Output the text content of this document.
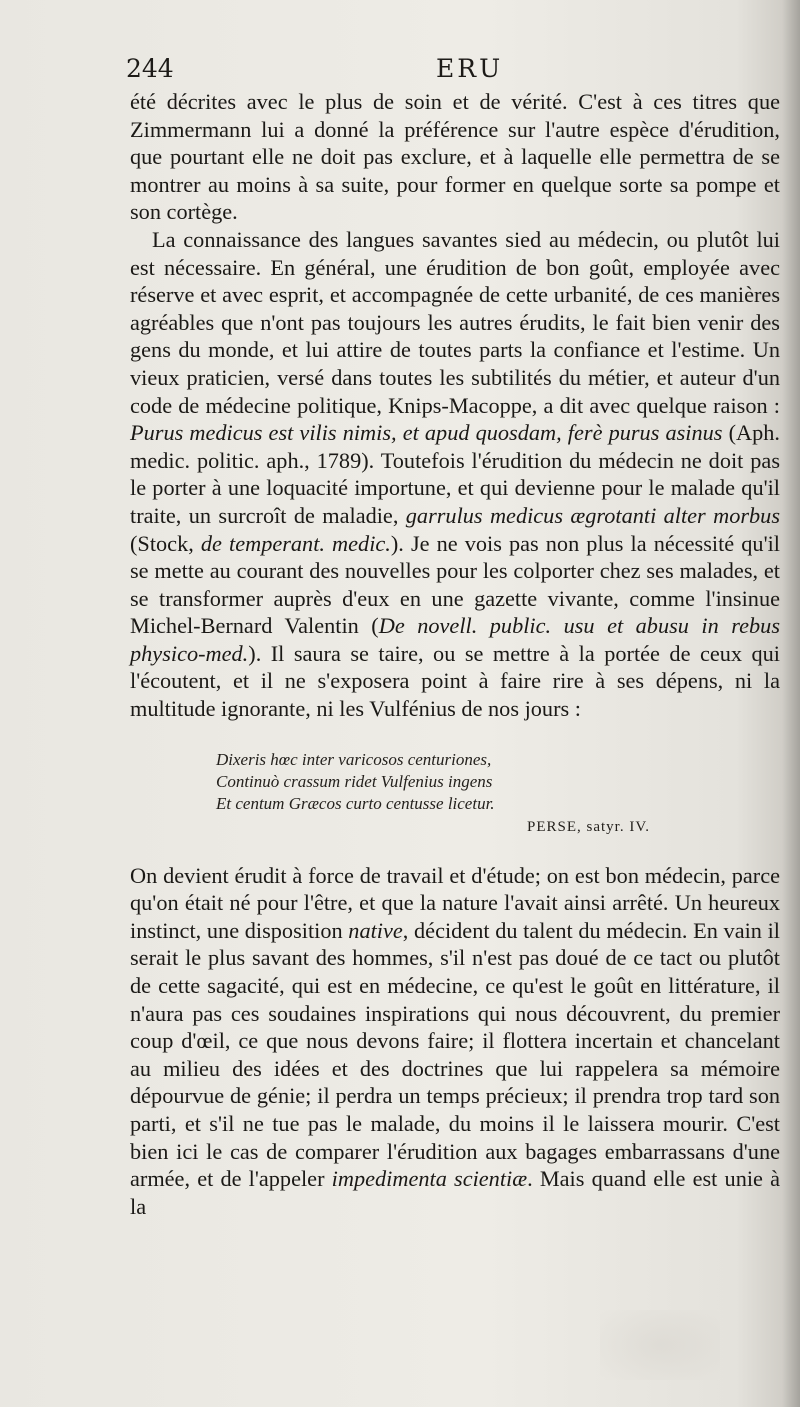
244	ERU

été décrites avec le plus de soin et de vérité. C'est à ces titres que Zimmermann lui a donné la préférence sur l'autre espèce d'érudition, que pourtant elle ne doit pas exclure, et à laquelle elle permettra de se montrer au moins à sa suite, pour former en quelque sorte sa pompe et son cortège.

La connaissance des langues savantes sied au médecin, ou plutôt lui est nécessaire. En général, une érudition de bon goût, employée avec réserve et avec esprit, et accompagnée de cette urbanité, de ces manières agréables que n'ont pas toujours les autres érudits, le fait bien venir des gens du monde, et lui attire de toutes parts la confiance et l'estime. Un vieux praticien, versé dans toutes les subtilités du métier, et auteur d'un code de médecine politique, Knips-Macoppe, a dit avec quelque raison : Purus medicus est vilis nimis, et apud quosdam, ferè purus asinus (Aph. medic. politic. aph., 1789). Toutefois l'érudition du médecin ne doit pas le porter à une loquacité importune, et qui devienne pour le malade qu'il traite, un surcroît de maladie, garrulus medicus ægrotanti alter morbus (Stock, de temperant. medic.). Je ne vois pas non plus la nécessité qu'il se mette au courant des nouvelles pour les colporter chez ses malades, et se transformer auprès d'eux en une gazette vivante, comme l'insinue Michel-Bernard Valentin (De novell. public. usu et abusu in rebus physico-med.). Il saura se taire, ou se mettre à la portée de ceux qui l'écoutent, et il ne s'exposera point à faire rire à ses dépens, ni la multitude ignorante, ni les Vulfénius de nos jours :

Dixeris hœc inter varicosos centuriones,
Continuò crassum ridet Vulfenius ingens
Et centum Græcos curto centusse licetur.
PERSE, satyr. IV.

On devient érudit à force de travail et d'étude; on est bon médecin, parce qu'on était né pour l'être, et que la nature l'avait ainsi arrêté. Un heureux instinct, une disposition native, décident du talent du médecin. En vain il serait le plus savant des hommes, s'il n'est pas doué de ce tact ou plutôt de cette sagacité, qui est en médecine, ce qu'est le goût en littérature, il n'aura pas ces soudaines inspirations qui nous découvrent, du premier coup d'œil, ce que nous devons faire; il flottera incertain et chancelant au milieu des idées et des doctrines que lui rappelera sa mémoire dépourvue de génie; il perdra un temps précieux; il prendra trop tard son parti, et s'il ne tue pas le malade, du moins il le laissera mourir. C'est bien ici le cas de comparer l'érudition aux bagages embarrassans d'une armée, et de l'appeler impedimenta scientiæ. Mais quand elle est unie à la
